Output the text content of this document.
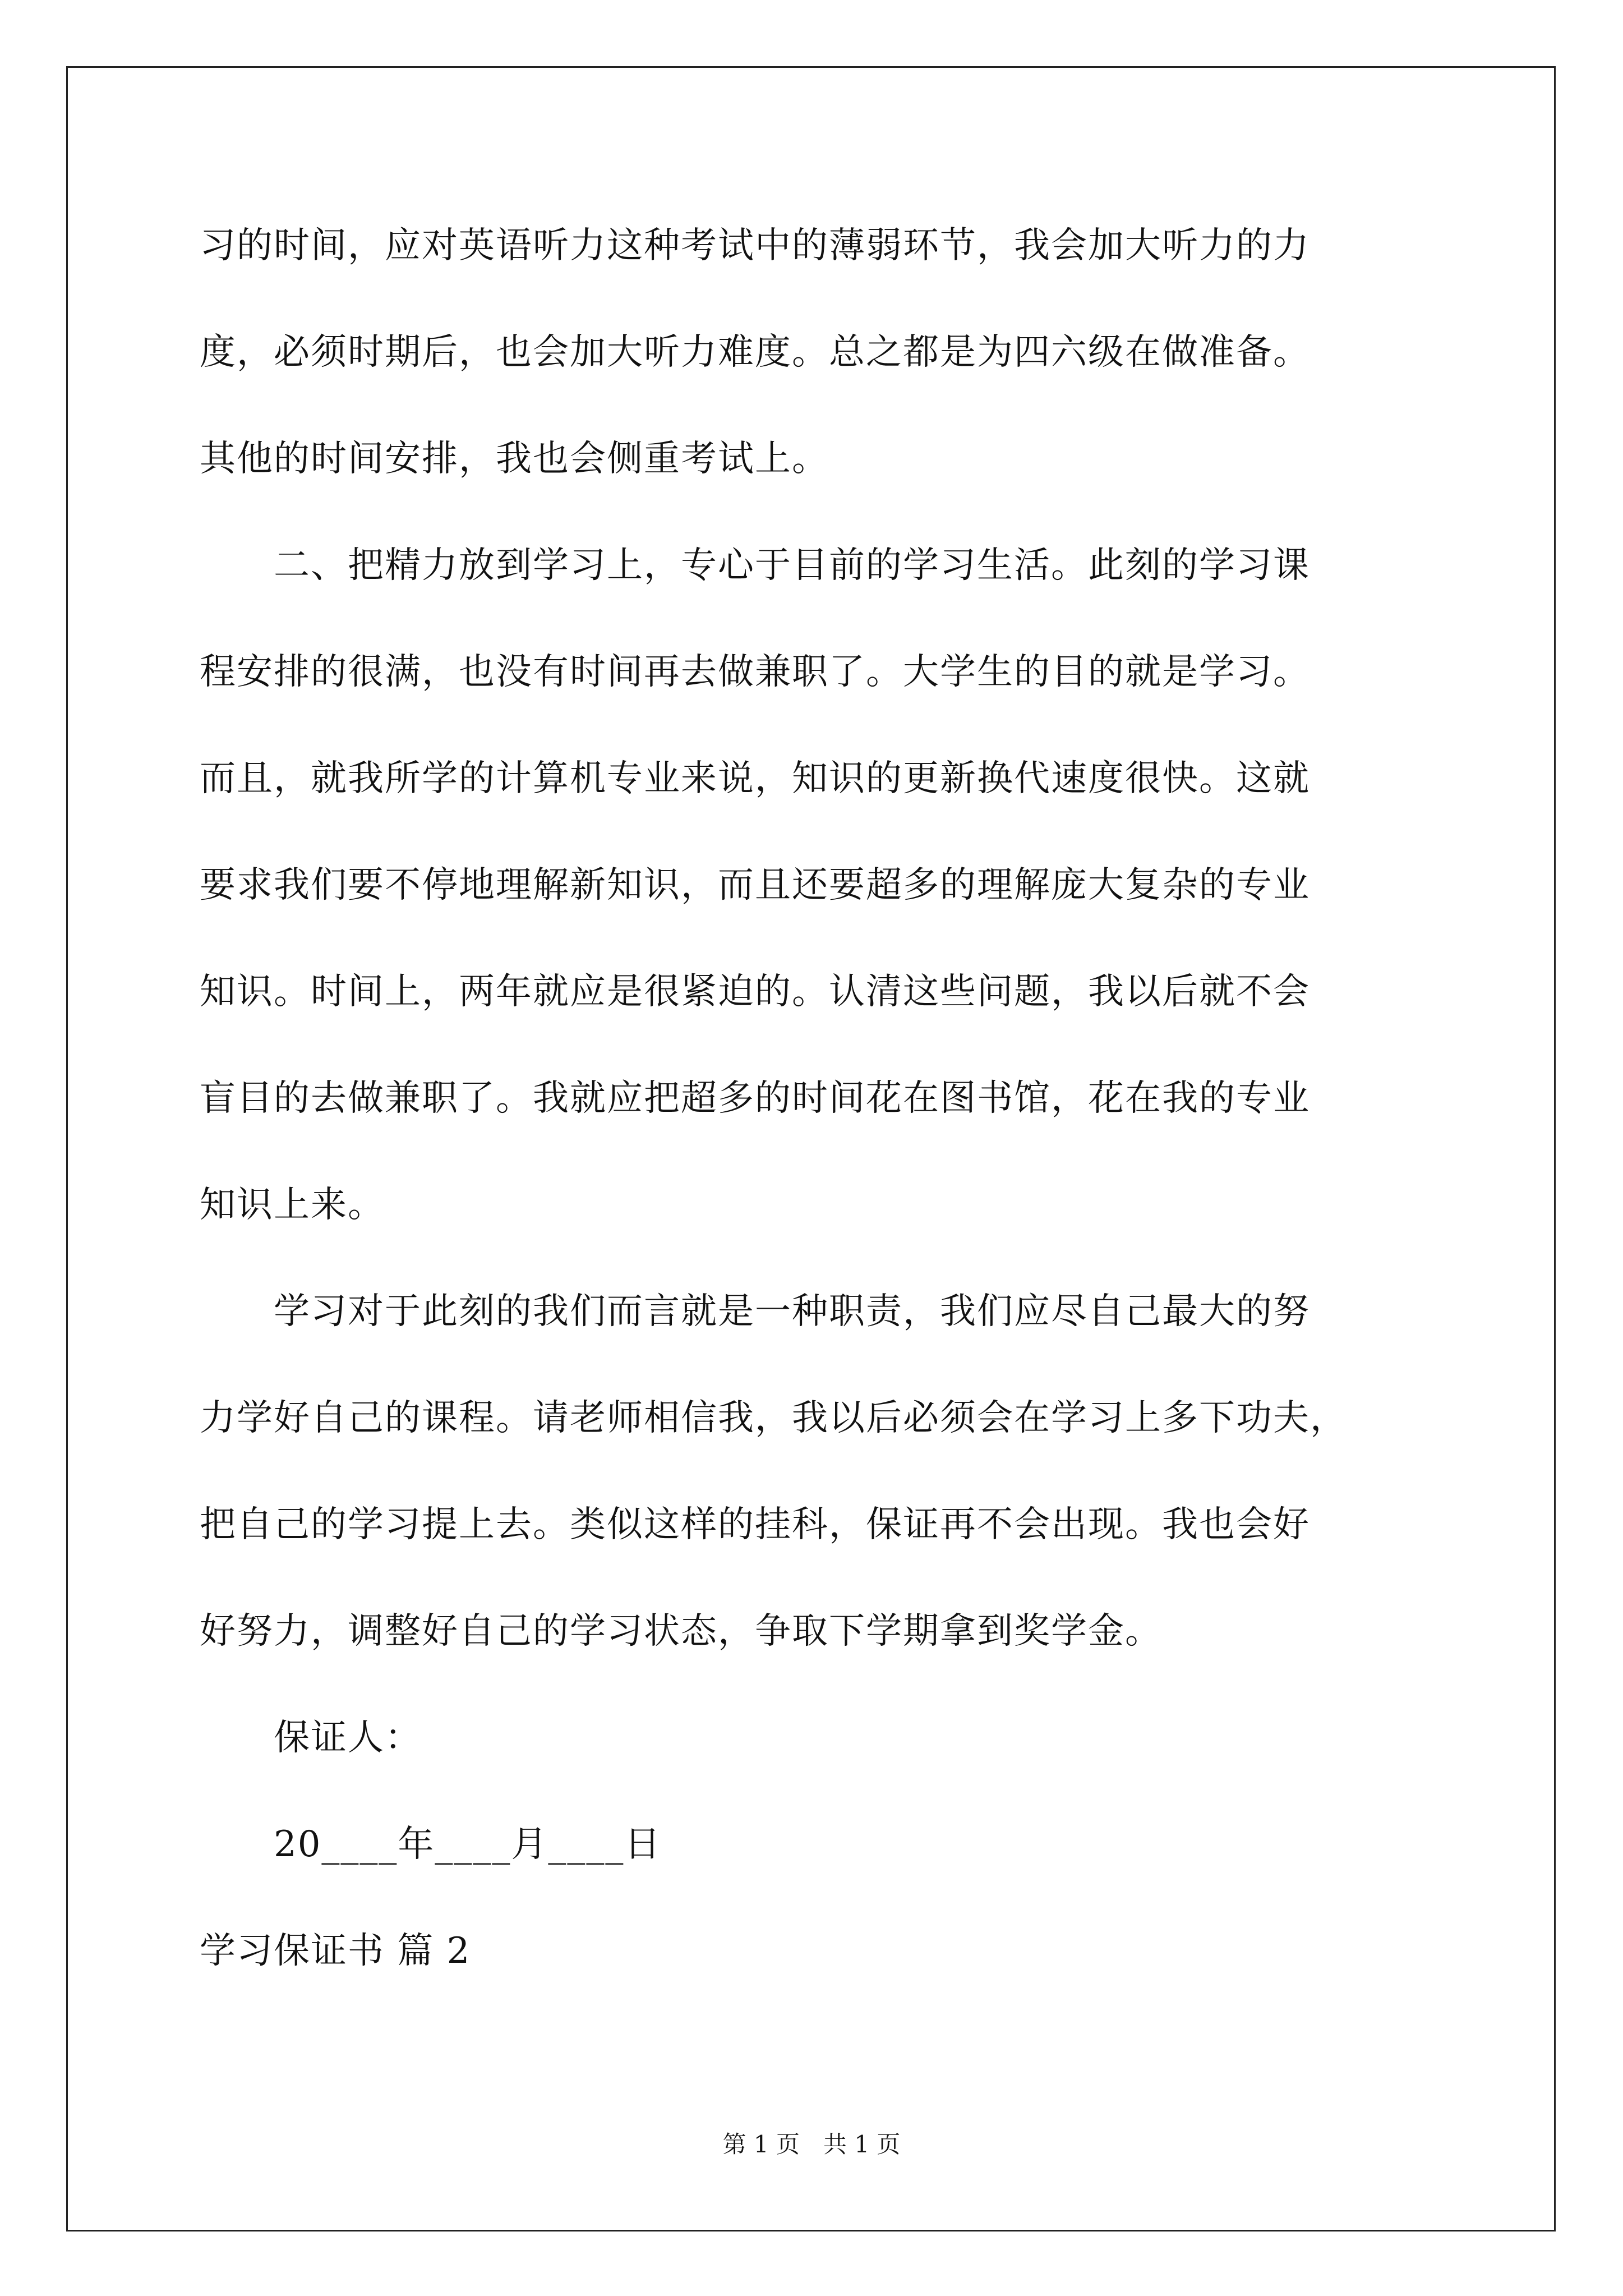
习的时间，应对英语听力这种考试中的薄弱环节，我会加大听力的力
度，必须时期后，也会加大听力难度。总之都是为四六级在做准备。
其他的时间安排，我也会侧重考试上。
　　二、把精力放到学习上，专心于目前的学习生活。此刻的学习课
程安排的很满，也没有时间再去做兼职了。大学生的目的就是学习。
而且，就我所学的计算机专业来说，知识的更新换代速度很快。这就
要求我们要不停地理解新知识，而且还要超多的理解庞大复杂的专业
知识。时间上，两年就应是很紧迫的。认清这些问题，我以后就不会
盲目的去做兼职了。我就应把超多的时间花在图书馆，花在我的专业
知识上来。
　　学习对于此刻的我们而言就是一种职责，我们应尽自己最大的努
力学好自己的课程。请老师相信我，我以后必须会在学习上多下功夫，
把自己的学习提上去。类似这样的挂科，保证再不会出现。我也会好
好努力，调整好自己的学习状态，争取下学期拿到奖学金。
　　保证人：
　　20____年____月____日
学习保证书 篇 2
第 1 页　共 1 页
